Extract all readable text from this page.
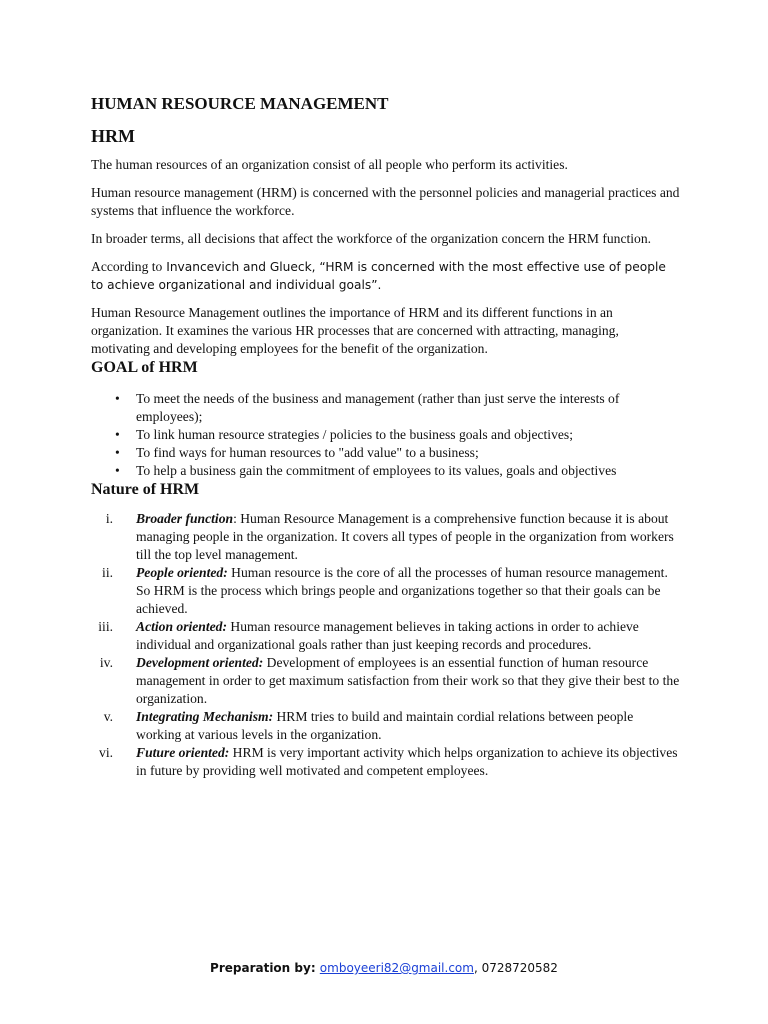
HUMAN RESOURCE MANAGEMENT
HRM

The human resources of an organization consist of all people who perform its activities.

Human resource management (HRM) is concerned with the personnel policies and managerial practices and systems that influence the workforce.

In broader terms, all decisions that affect the workforce of the organization concern the HRM function.

According to Invancevich and Glueck, “HRM is concerned with the most effective use of people to achieve organizational and individual goals”.

Human Resource Management outlines the importance of HRM and its different functions in an organization. It examines the various HR processes that are concerned with attracting, managing, motivating and developing employees for the benefit of the organization.

GOAL of HRM
• To meet the needs of the business and management (rather than just serve the interests of employees);
• To link human resource strategies / policies to the business goals and objectives;
• To find ways for human resources to "add value" to a business;
• To help a business gain the commitment of employees to its values, goals and objectives
Nature of HRM
i. Broader function: Human Resource Management is a comprehensive function because it is about managing people in the organization. It covers all types of people in the organization from workers till the top level management.
ii. People oriented: Human resource is the core of all the processes of human resource management. So HRM is the process which brings people and organizations together so that their goals can be achieved.
iii. Action oriented: Human resource management believes in taking actions in order to achieve individual and organizational goals rather than just keeping records and procedures.
iv. Development oriented: Development of employees is an essential function of human resource management in order to get maximum satisfaction from their work so that they give their best to the organization.
v. Integrating Mechanism: HRM tries to build and maintain cordial relations between people working at various levels in the organization.
vi. Future oriented: HRM is very important activity which helps organization to achieve its objectives in future by providing well motivated and competent employees.
Preparation by: omboyeeri82@gmail.com, 0728720582
